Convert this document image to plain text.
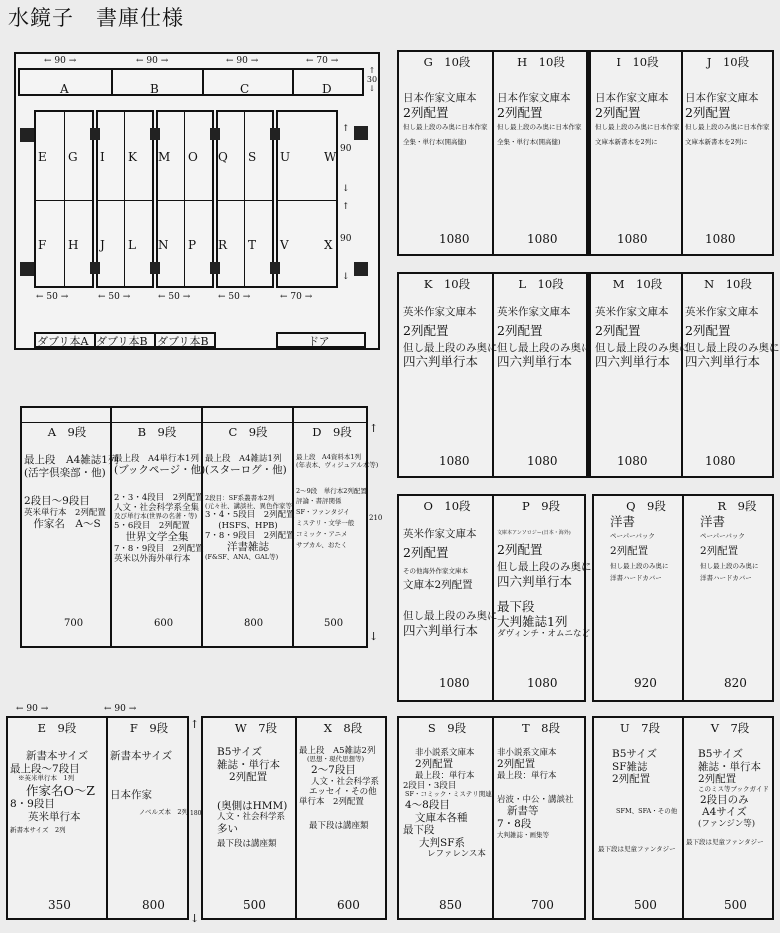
水鏡子　書庫仕様
← 90 →	← 90 →	← 90 →	← 70 →
↑ 30 ↓
A	B	C	D
E G I K M O Q S U	W
F H J L N P R T V	X
↑
90
↓
↑
90
↓
← 50 →	← 50 →	← 50 →	← 50 →	← 70 →
ダブリ本A ダブリ本B ダブリ本B	ドア
G　10段
日本作家文庫本
2列配置
但し最上段のみ奥に日本作家
全集・単行本(開高健)
1080
H　10段
日本作家文庫本
2列配置
但し最上段のみ奥に日本作家
全集・単行本(開高健)
1080
I　10段
日本作家文庫本
2列配置
但し最上段のみ奥に日本作家
文庫本新書本を2列に
1080
J　10段
日本作家文庫本
2列配置
但し最上段のみ奥に日本作家
文庫本新書本を2列に
1080
K　10段
英米作家文庫本
2列配置
但し最上段のみ奥に
四六判単行本
1080
L　10段
英米作家文庫本
2列配置
但し最上段のみ奥に
四六判単行本
1080
M　10段
英米作家文庫本
2列配置
但し最上段のみ奥に
四六判単行本
1080
N　10段
英米作家文庫本
2列配置
但し最上段のみ奥に
四六判単行本
1080
↑
210
↓
A　9段
最上段　A4雑誌1列
(活字倶楽部・他)
2段目〜9段目
英米単行本　2列配置
作家名　A〜S
700
B　9段
最上段　A4単行本1列
(ブックページ・他)
2・3・4段目　2列配置
人文・社会科学系全集
及び単行本(世界の名著・等)
5・6段目　2列配置
世界文学全集
7・8・9段目　2列配置
英米以外海外単行本
600
C　9段
最上段　A4雑誌1列
(スターログ・他)
2段目：SF系叢書本2列
(元々社、講談社、異色作家等)
3・4・5段目　2列配置
(HSFS、HPB)
7・8・9段目　2列配置
洋書雑誌
(F&SF、ANA、GAL等)
800
D　9段
最上段　A4資料本1列
(年表本、ヴィジュアル本等)
2〜9段　単行本2列配置
評論・書評関係
SF・ファンタジイ
ミステリ・文学一般
コミック・アニメ
サブカル、おたく
500
O　10段
英米作家文庫本
2列配置
その他海外作家文庫本
文庫本2列配置
但し最上段のみ奥に
四六判単行本
1080
P　9段
文庫本アンソロジー(日本・海外)
2列配置
但し最上段のみ奥に
四六判単行本
最下段
大判雑誌1列
ダヴィンチ・オムニなど
1080
Q　9段
洋書
ペーパーバック
2列配置
但し最上段のみ奥に
洋書ハードカバー
920
R　9段
洋書
ペーパーバック
2列配置
但し最上段のみ奥に
洋書ハードカバー
820
← 90 →	← 90 →
↑
180
↓
E　9段
新書本サイズ
最上段〜7段目
※英米単行本　1列
作家名O〜Z
8・9段目
英米単行本
新書本サイズ　2列
350
F　9段
新書本サイズ
日本作家
ノベルズ本　2列
800
W　7段
B5サイズ
雑誌・単行本
2列配置
(奥側はHMM)
人文・社会科学系
多い
最下段は講座類
500
X　8段
最上段　A5雑誌2列
(思想・現代思想等)
2〜7段目
人文・社会科学系
エッセイ・その他
単行本　2列配置
最下段は講座類
600
S　9段
非小説系文庫本
2列配置
最上段：単行本
2段目・3段目
SF・コミック・ミステリ関連
4〜8段目
文庫本各種
最下段
大判SF系
レファレンス本
850
T　8段
非小説系文庫本
2列配置
最上段：単行本
岩波・中公・講談社
新書等
7・8段
大判雑誌・画集等
700
U　7段
B5サイズ
SF雑誌
2列配置
SFM、SFA・その他
最下段は児童ファンタジー
500
V　7段
B5サイズ
雑誌・単行本
2列配置
このミス等ブックガイド
2段目のみ
A4サイズ
(ファンジン等)
最下段は児童ファンタジー
500
